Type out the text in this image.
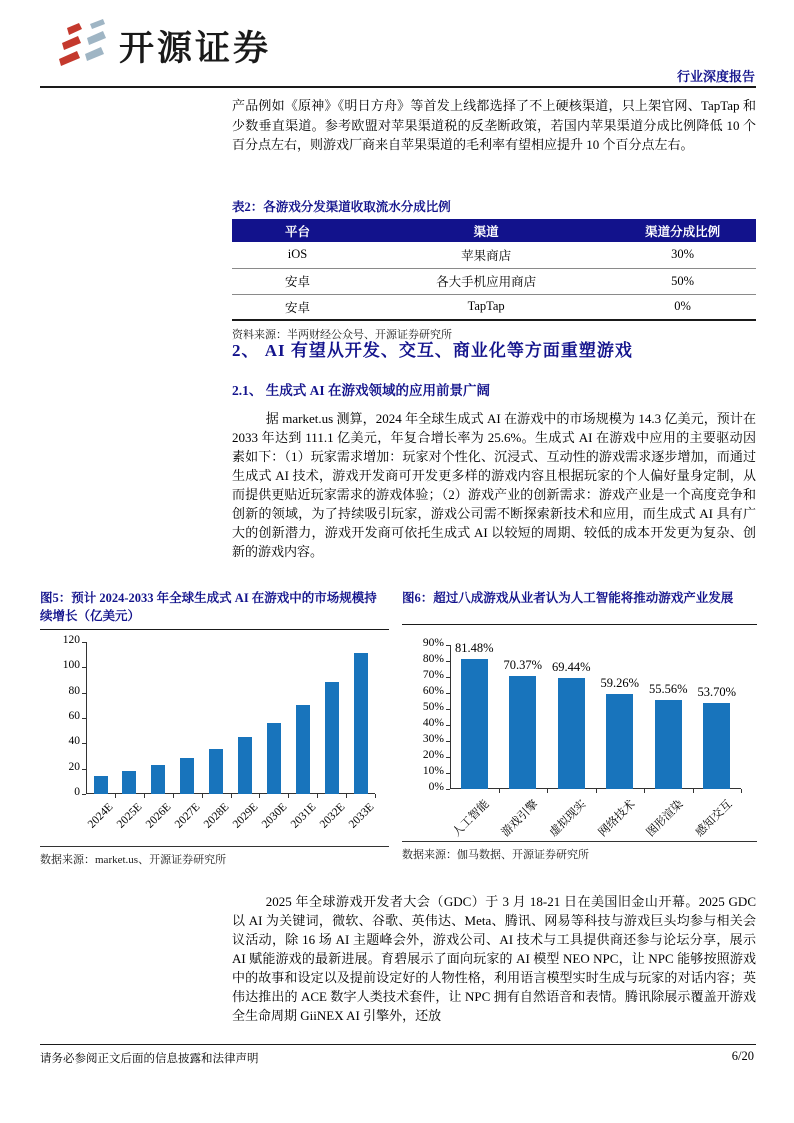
开源证券
行业深度报告
产品例如《原神》《明日方舟》等首发上线都选择了不上硬核渠道，只上架官网、TapTap 和少数垂直渠道。参考欧盟对苹果渠道税的反垄断政策，若国内苹果渠道分成比例降低 10 个百分点左右，则游戏厂商来自苹果渠道的毛利率有望相应提升 10 个百分点左右。
表2：各游戏分发渠道收取流水分成比例
平台	渠道	渠道分成比例
iOS	苹果商店	30%
安卓	各大手机应用商店	50%
安卓	TapTap	0%
资料来源：半两财经公众号、开源证券研究所
2、 AI 有望从开发、交互、商业化等方面重塑游戏
2.1、 生成式 AI 在游戏领域的应用前景广阔
据 market.us 测算，2024 年全球生成式 AI 在游戏中的市场规模为 14.3 亿美元，预计在 2033 年达到 111.1 亿美元，年复合增长率为 25.6%。生成式 AI 在游戏中应用的主要驱动因素如下：（1）玩家需求增加：玩家对个性化、沉浸式、互动性的游戏需求逐步增加，而通过生成式 AI 技术，游戏开发商可开发更多样的游戏内容且根据玩家的个人偏好量身定制，从而提供更贴近玩家需求的游戏体验；（2）游戏产业的创新需求：游戏产业是一个高度竞争和创新的领域，为了持续吸引玩家，游戏公司需不断探索新技术和应用，而生成式 AI 具有广大的创新潜力，游戏开发商可依托生成式 AI 以较短的周期、较低的成本开发更为复杂、创新的游戏内容。
图5：预计 2024-2033 年全球生成式 AI 在游戏中的市场规模持续增长（亿美元）
0
20
40
60
80
100
120
2024E 2025E 2026E 2027E 2028E 2029E 2030E 2031E 2032E 2033E
数据来源：market.us、开源证券研究所
图6：超过八成游戏从业者认为人工智能将推动游戏产业发展
0%
10%
20%
30%
40%
50%
60%
70%
80%
90% 81.48%
人工智能
70.37%
游戏引擎
69.44%
虚拟现实
59.26%
网络技术
55.56%
图形渲染
53.70%
感知交互
数据来源：伽马数据、开源证券研究所
2025 年全球游戏开发者大会（GDC）于 3 月 18-21 日在美国旧金山开幕。2025 GDC 以 AI 为关键词，微软、谷歌、英伟达、Meta、腾讯、网易等科技与游戏巨头均参与相关会议活动，除 16 场 AI 主题峰会外，游戏公司、AI 技术与工具提供商还参与论坛分享，展示 AI 赋能游戏的最新进展。育碧展示了面向玩家的 AI 模型 NEO NPC，让 NPC 能够按照游戏中的故事和设定以及提前设定好的人物性格，利用语言模型实时生成与玩家的对话内容；英伟达推出的 ACE 数字人类技术套件，让 NPC 拥有自然语音和表情。腾讯除展示覆盖开游戏全生命周期 GiiNEX AI 引擎外，还放
请务必参阅正文后面的信息披露和法律声明	6/20
